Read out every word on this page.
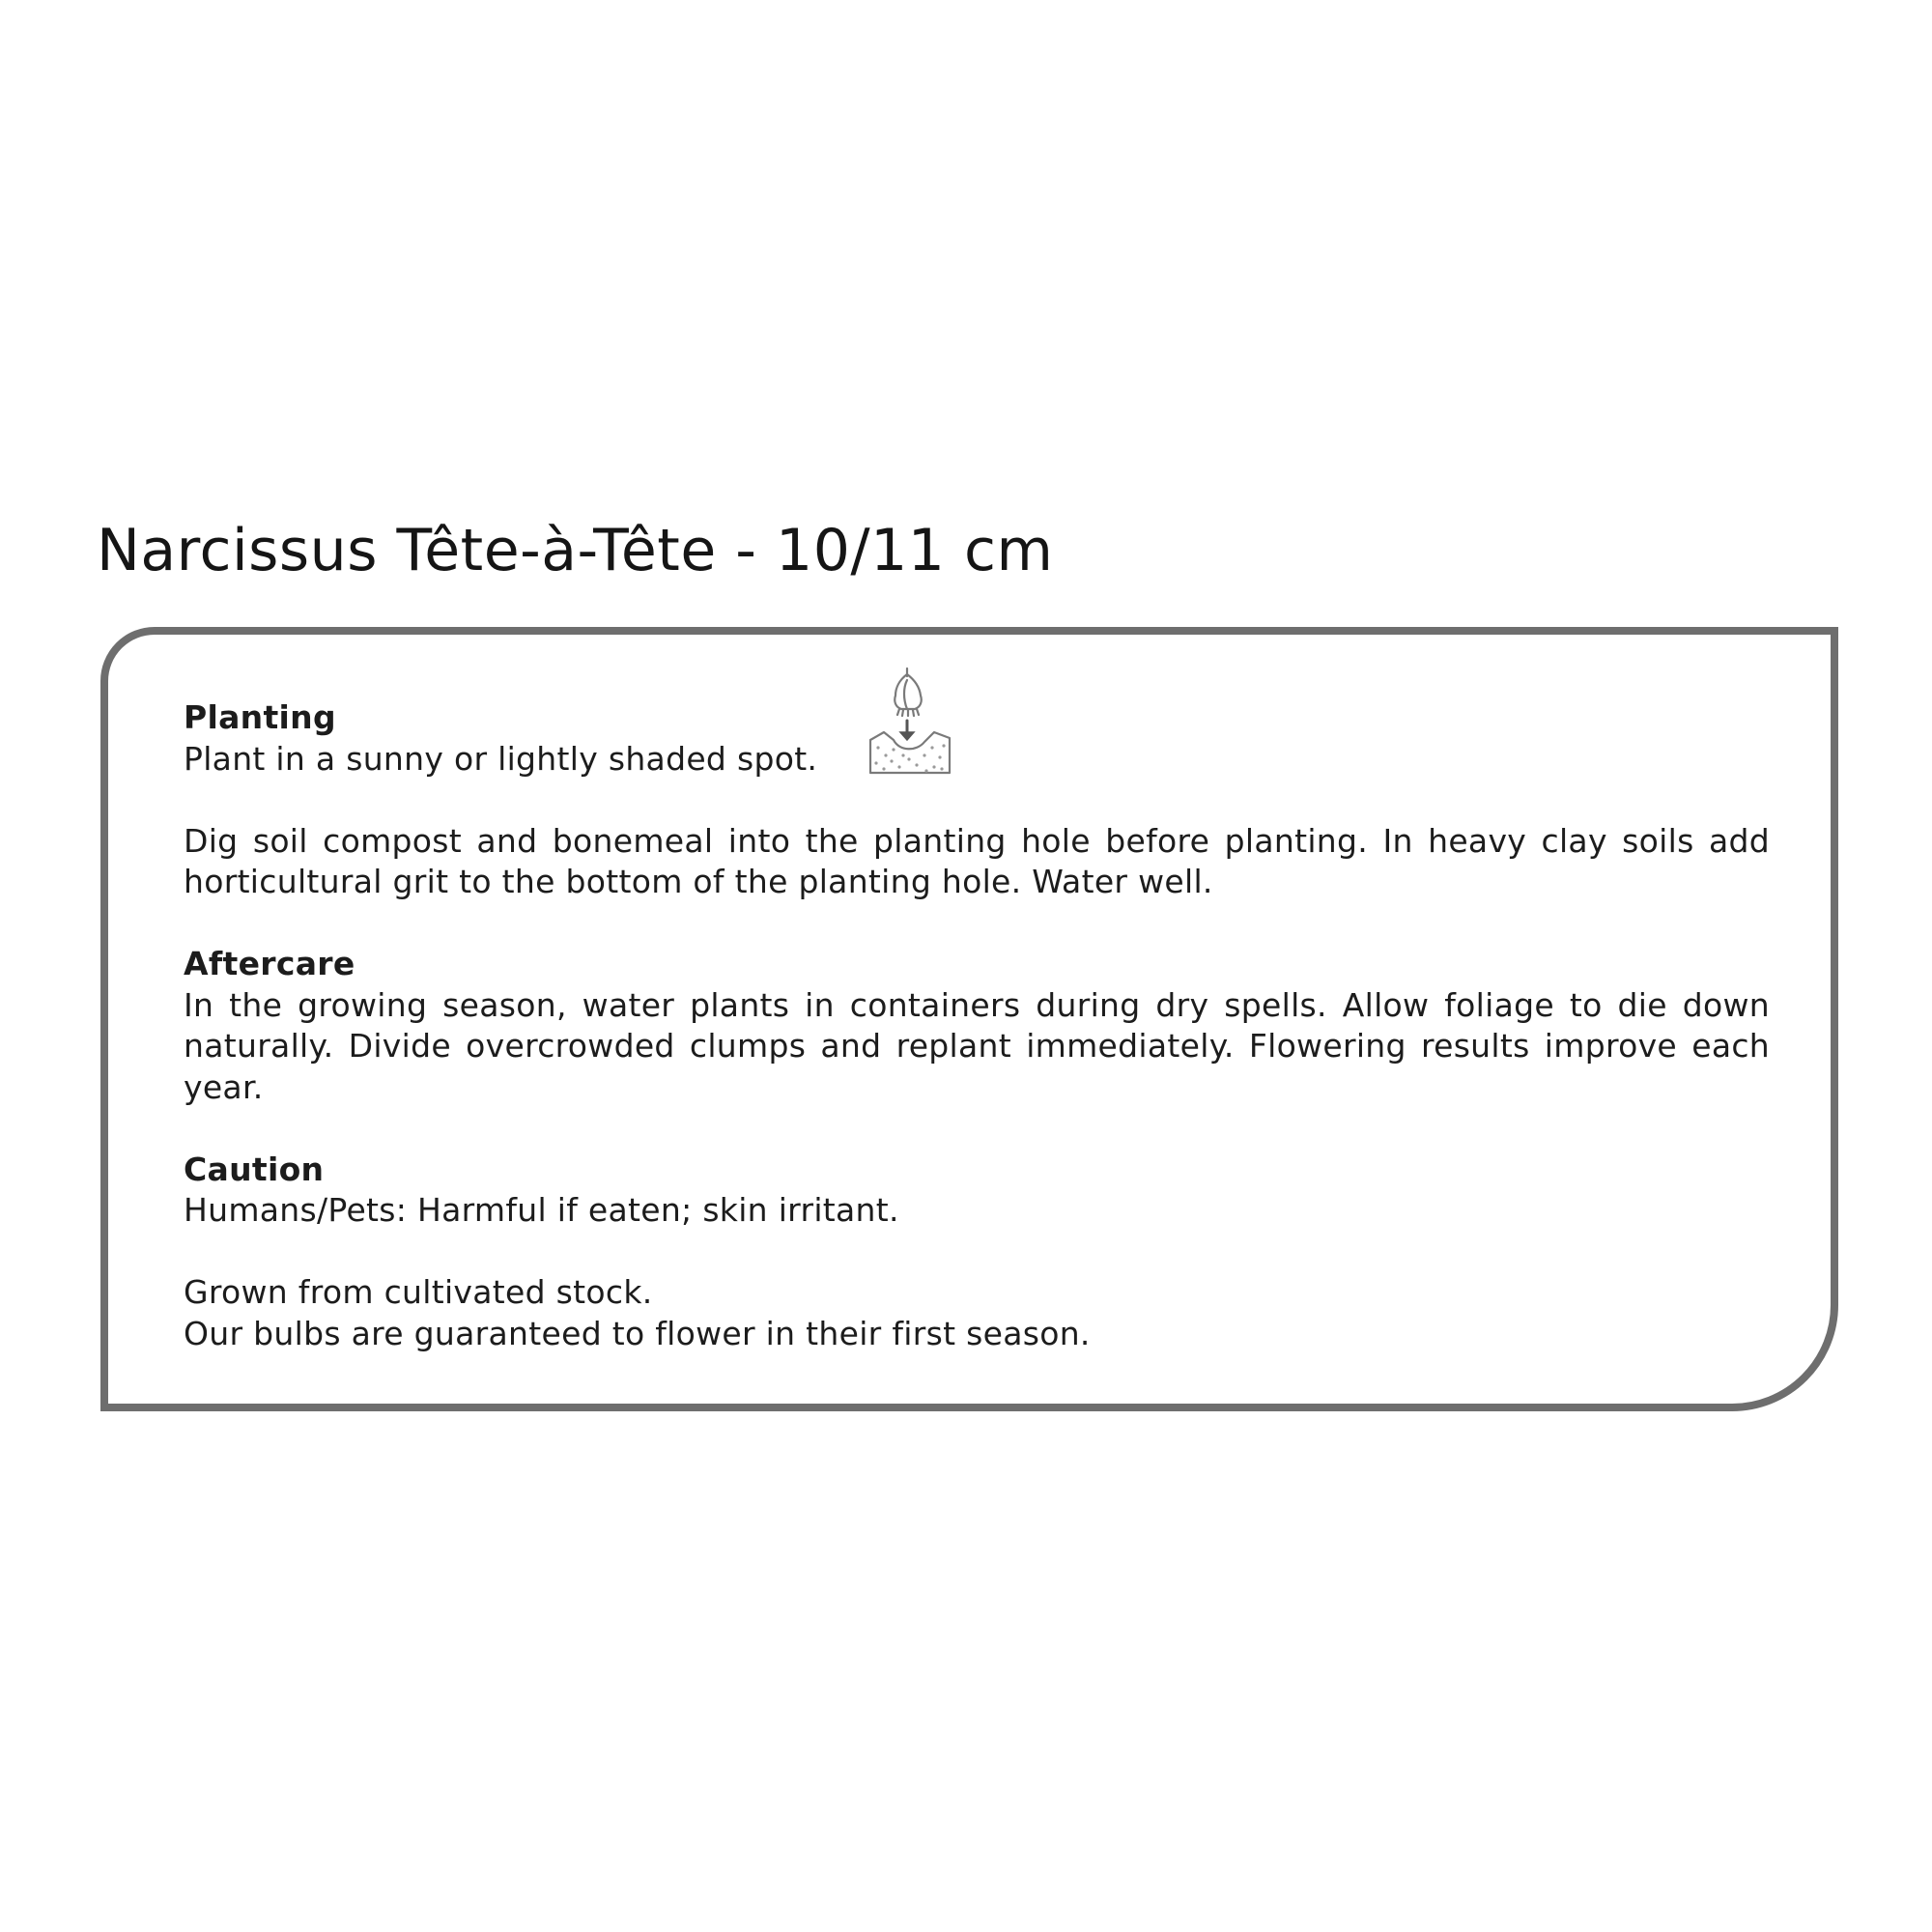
Narcissus Tête-à-Tête - 10/11 cm

Planting

Plant in a sunny or lightly shaded spot.

Dig soil compost and bonemeal into the planting hole before planting. In heavy clay soils add horticultural grit to the bottom of the planting hole. Water well.

Aftercare

In the growing season, water plants in containers during dry spells. Allow foliage to die down naturally. Divide overcrowded clumps and replant immediately. Flowering results improve each year.

Caution

Humans/Pets: Harmful if eaten; skin irritant.

Grown from cultivated stock.

Our bulbs are guaranteed to flower in their first season.
